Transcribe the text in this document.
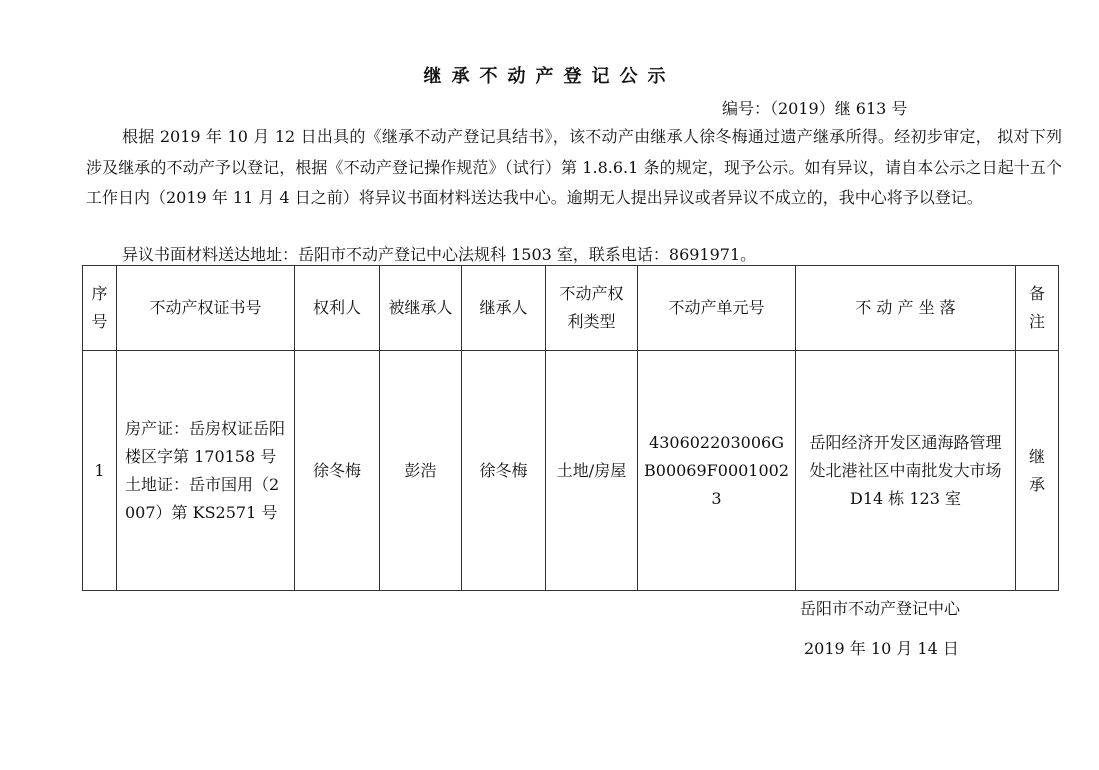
继承不动产登记公示
编号：（2019）继 613 号

根据 2019 年 10 月 12 日出具的《继承不动产登记具结书》，该不动产由继承人徐冬梅通过遗产继承所得。经初步审定， 拟对下列涉及继承的不动产予以登记，根据《不动产登记操作规范》（试行）第 1.8.6.1 条的规定，现予公示。如有异议，请自本公示之日起十五个工作日内（2019 年 11 月 4 日之前）将异议书面材料送达我中心。逾期无人提出异议或者异议不成立的，我中心将予以登记。

异议书面材料送达地址：岳阳市不动产登记中心法规科 1503 室，联系电话：8691971。
序号	不动产权证书号	权利人	被继承人	继承人	不动产权利类型	不动产单元号	不 动 产 坐 落	备注
1	房产证：岳房权证岳阳楼区字第 170158 号
土地证：岳市国用（2007）第 KS2571 号	徐冬梅	彭浩	徐冬梅	土地/房屋	430602203006GB00069F00010023	岳阳经济开发区通海路管理处北港社区中南批发大市场 D14 栋 123 室	继承
岳阳市不动产登记中心
2019 年 10 月 14 日
